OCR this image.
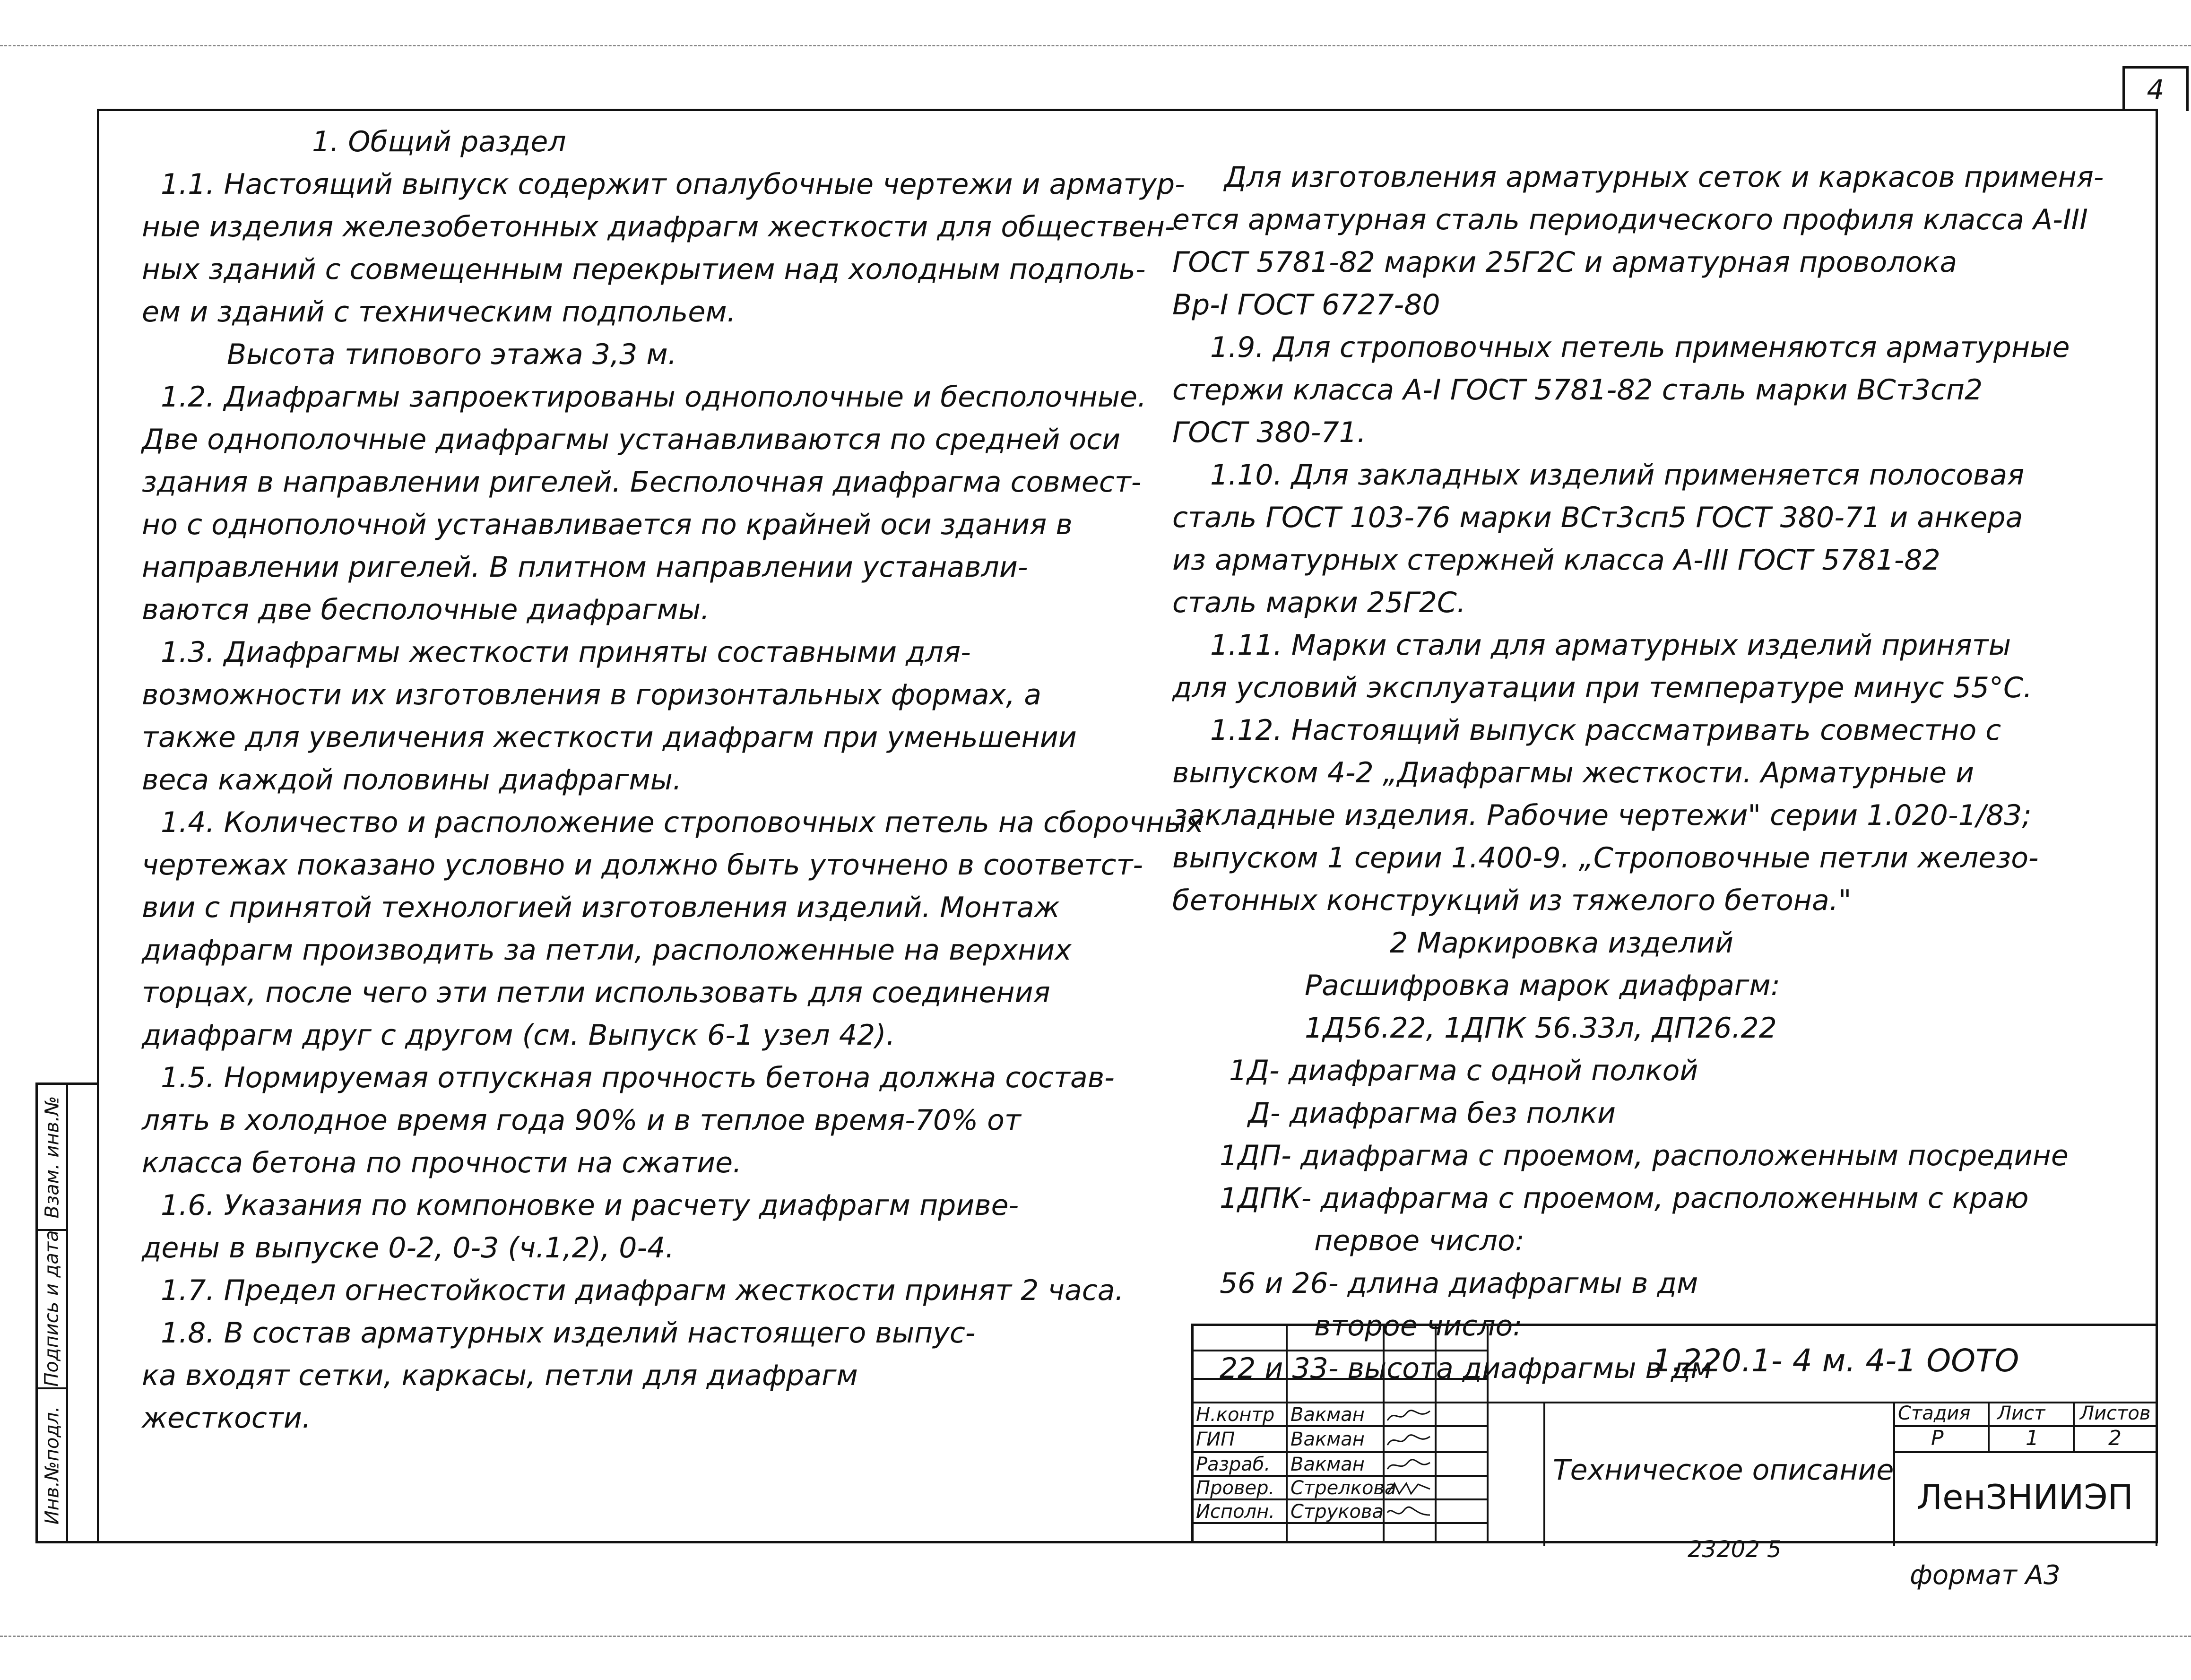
4
Взам. инв.№
Подпись и дата
Инв.№подл.

1. Общий раздел

1.1. Настоящий выпуск содержит опалубочные чертежи и арматур-

ные изделия железобетонных диафрагм жесткости для обществен-

ных зданий с совмещенным перекрытием над холодным подполь-

ем и зданий с техническим подпольем.

Высота типового этажа 3,3 м.

1.2. Диафрагмы запроектированы однополочные и бесполочные.

Две однополочные диафрагмы устанавливаются по средней оси

здания в направлении ригелей. Бесполочная диафрагма совмест-

но с однополочной устанавливается по крайней оси здания в

направлении ригелей. В плитном направлении устанавли-

ваются две бесполочные диафрагмы.

1.3. Диафрагмы жесткости приняты составными для-

возможности их изготовления в горизонтальных формах, а

также для увеличения жесткости диафрагм при уменьшении

веса каждой половины диафрагмы.

1.4. Количество и расположение строповочных петель на сборочных

чертежах показано условно и должно быть уточнено в соответст-

вии с принятой технологией изготовления изделий. Монтаж

диафрагм производить за петли, расположенные на верхних

торцах, после чего эти петли использовать для соединения

диафрагм друг с другом (см. Выпуск 6-1 узел 42).

1.5. Нормируемая отпускная прочность бетона должна состав-

лять в холодное время года 90% и в теплое время-70% от

класса бетона по прочности на сжатие.

1.6. Указания по компоновке и расчету диафрагм приве-

дены в выпуске 0-2, 0-3 (ч.1,2), 0-4.

1.7. Предел огнестойкости диафрагм жесткости принят 2 часа.

1.8. В состав арматурных изделий настоящего выпус-

ка входят сетки, каркасы, петли для диафрагм

жесткости.

Для изготовления арматурных сеток и каркасов применя-

ется арматурная сталь периодического профиля класса А-III

ГОСТ 5781-82 марки 25Г2С и арматурная проволока

Вр-I ГОСТ 6727-80

1.9. Для строповочных петель применяются арматурные

стержи класса А-I ГОСТ 5781-82 сталь марки ВСт3сп2

ГОСТ 380-71.

1.10. Для закладных изделий применяется полосовая

сталь ГОСТ 103-76 марки ВСт3сп5 ГОСТ 380-71 и анкера

из арматурных стержней класса А-III ГОСТ 5781-82

сталь марки 25Г2С.

1.11. Марки стали для арматурных изделий приняты

для условий эксплуатации при температуре минус 55°С.

1.12. Настоящий выпуск рассматривать совместно с

выпуском 4-2 „Диафрагмы жесткости. Арматурные и

закладные изделия. Рабочие чертежи" серии 1.020-1/83;

выпуском 1 серии 1.400-9. „Строповочные петли железо-

бетонных конструкций из тяжелого бетона."

2 Маркировка изделий

Расшифровка марок диафрагм:

1Д56.22, 1ДПК 56.33л, ДП26.22

1Д- диафрагма с одной полкой

Д- диафрагма без полки

1ДП- диафрагма с проемом, расположенным посредине

1ДПК- диафрагма с проемом, расположенным с краю

первое число:

56 и 26- длина диафрагмы в дм

второе число:

22 и 33- высота диафрагмы в дм

1.220.1- 4 м. 4-1 ООТО
Техническое описание
Н.контр
ГИП
Разраб.
Провер.
Исполн.
Вакман
Вакман
Вакман
Стрелкова
Струкова
Стадия Лист Листов
Р	1	2
ЛенЗНИИЭП
23202 5
формат А3
